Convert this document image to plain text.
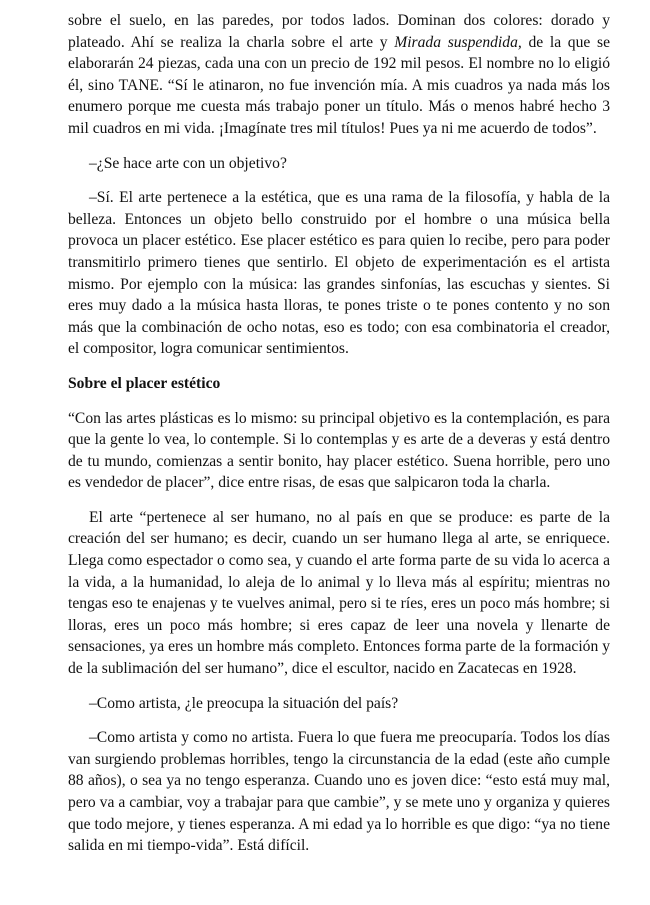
sobre el suelo, en las paredes, por todos lados. Dominan dos colores: dorado y plateado. Ahí se realiza la charla sobre el arte y Mirada suspendida, de la que se elaborarán 24 piezas, cada una con un precio de 192 mil pesos. El nombre no lo eligió él, sino TANE. “Sí le atinaron, no fue invención mía. A mis cuadros ya nada más los enumero porque me cuesta más trabajo poner un título. Más o menos habré hecho 3 mil cuadros en mi vida. ¡Imagínate tres mil títulos! Pues ya ni me acuerdo de todos”.

–¿Se hace arte con un objetivo?

–Sí. El arte pertenece a la estética, que es una rama de la filosofía, y habla de la belleza. Entonces un objeto bello construido por el hombre o una música bella provoca un placer estético. Ese placer estético es para quien lo recibe, pero para poder transmitirlo primero tienes que sentirlo. El objeto de experimentación es el artista mismo. Por ejemplo con la música: las grandes sinfonías, las escuchas y sientes. Si eres muy dado a la música hasta lloras, te pones triste o te pones contento y no son más que la combinación de ocho notas, eso es todo; con esa combinatoria el creador, el compositor, logra comunicar sentimientos.

Sobre el placer estético

“Con las artes plásticas es lo mismo: su principal objetivo es la contemplación, es para que la gente lo vea, lo contemple. Si lo contemplas y es arte de a deveras y está dentro de tu mundo, comienzas a sentir bonito, hay placer estético. Suena horrible, pero uno es vendedor de placer”, dice entre risas, de esas que salpicaron toda la charla.

El arte “pertenece al ser humano, no al país en que se produce: es parte de la creación del ser humano; es decir, cuando un ser humano llega al arte, se enriquece. Llega como espectador o como sea, y cuando el arte forma parte de su vida lo acerca a la vida, a la humanidad, lo aleja de lo animal y lo lleva más al espíritu; mientras no tengas eso te enajenas y te vuelves animal, pero si te ríes, eres un poco más hombre; si lloras, eres un poco más hombre; si eres capaz de leer una novela y llenarte de sensaciones, ya eres un hombre más completo. Entonces forma parte de la formación y de la sublimación del ser humano”, dice el escultor, nacido en Zacatecas en 1928.

–Como artista, ¿le preocupa la situación del país?

–Como artista y como no artista. Fuera lo que fuera me preocuparía. Todos los días van surgiendo problemas horribles, tengo la circunstancia de la edad (este año cumple 88 años), o sea ya no tengo esperanza. Cuando uno es joven dice: “esto está muy mal, pero va a cambiar, voy a trabajar para que cambie”, y se mete uno y organiza y quieres que todo mejore, y tienes esperanza. A mi edad ya lo horrible es que digo: “ya no tiene salida en mi tiempo-vida”. Está difícil.
